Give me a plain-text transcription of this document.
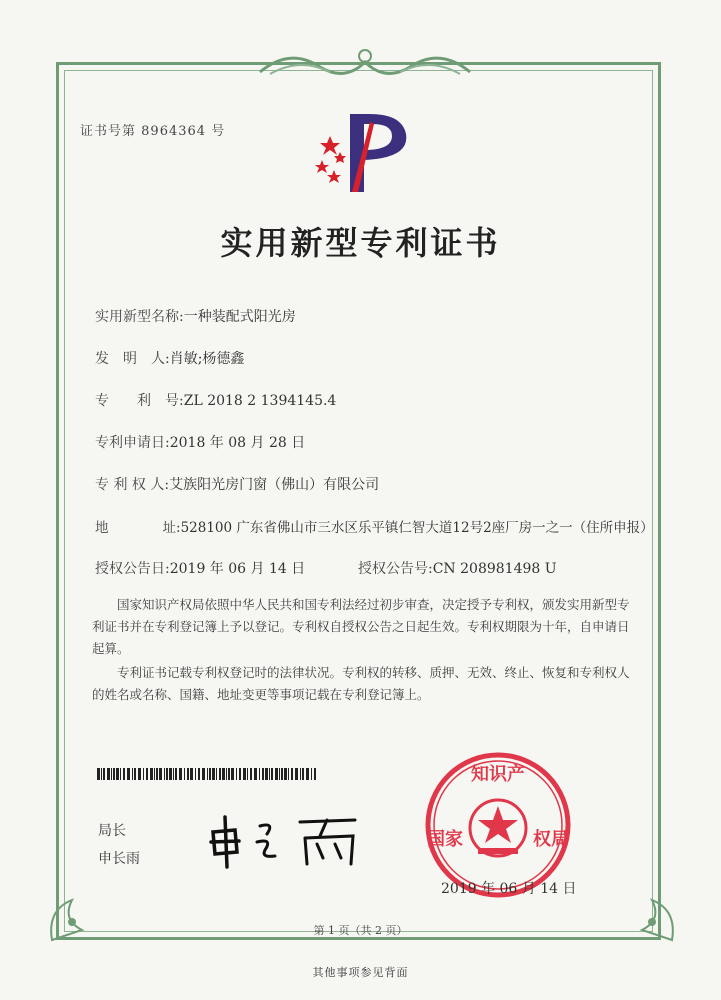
证书号第 8964364 号
实用新型专利证书
实用新型名称:一种装配式阳光房
发　明　人:肖敏;杨德鑫
专　　利　号:ZL 2018 2 1394145.4
专利申请日:2018 年 08 月 28 日
专 利 权 人:艾族阳光房门窗（佛山）有限公司
地　　　　址:528100 广东省佛山市三水区乐平镇仁智大道12号2座厂房一之一（住所申报）
授权公告日:2019 年 06 月 14 日	授权公告号:CN 208981498 U
国家知识产权局依照中华人民共和国专利法经过初步审查，决定授予专利权，颁发实用新型专利证书并在专利登记簿上予以登记。专利权自授权公告之日起生效。专利权期限为十年，自申请日起算。
专利证书记载专利权登记时的法律状况。专利权的转移、质押、无效、终止、恢复和专利权人的姓名或名称、国籍、地址变更等事项记载在专利登记簿上。
局长
申长雨
知识产
国家	权局
2019 年 06 月 14 日
第 1 页（共 2 页）
其他事项参见背面
